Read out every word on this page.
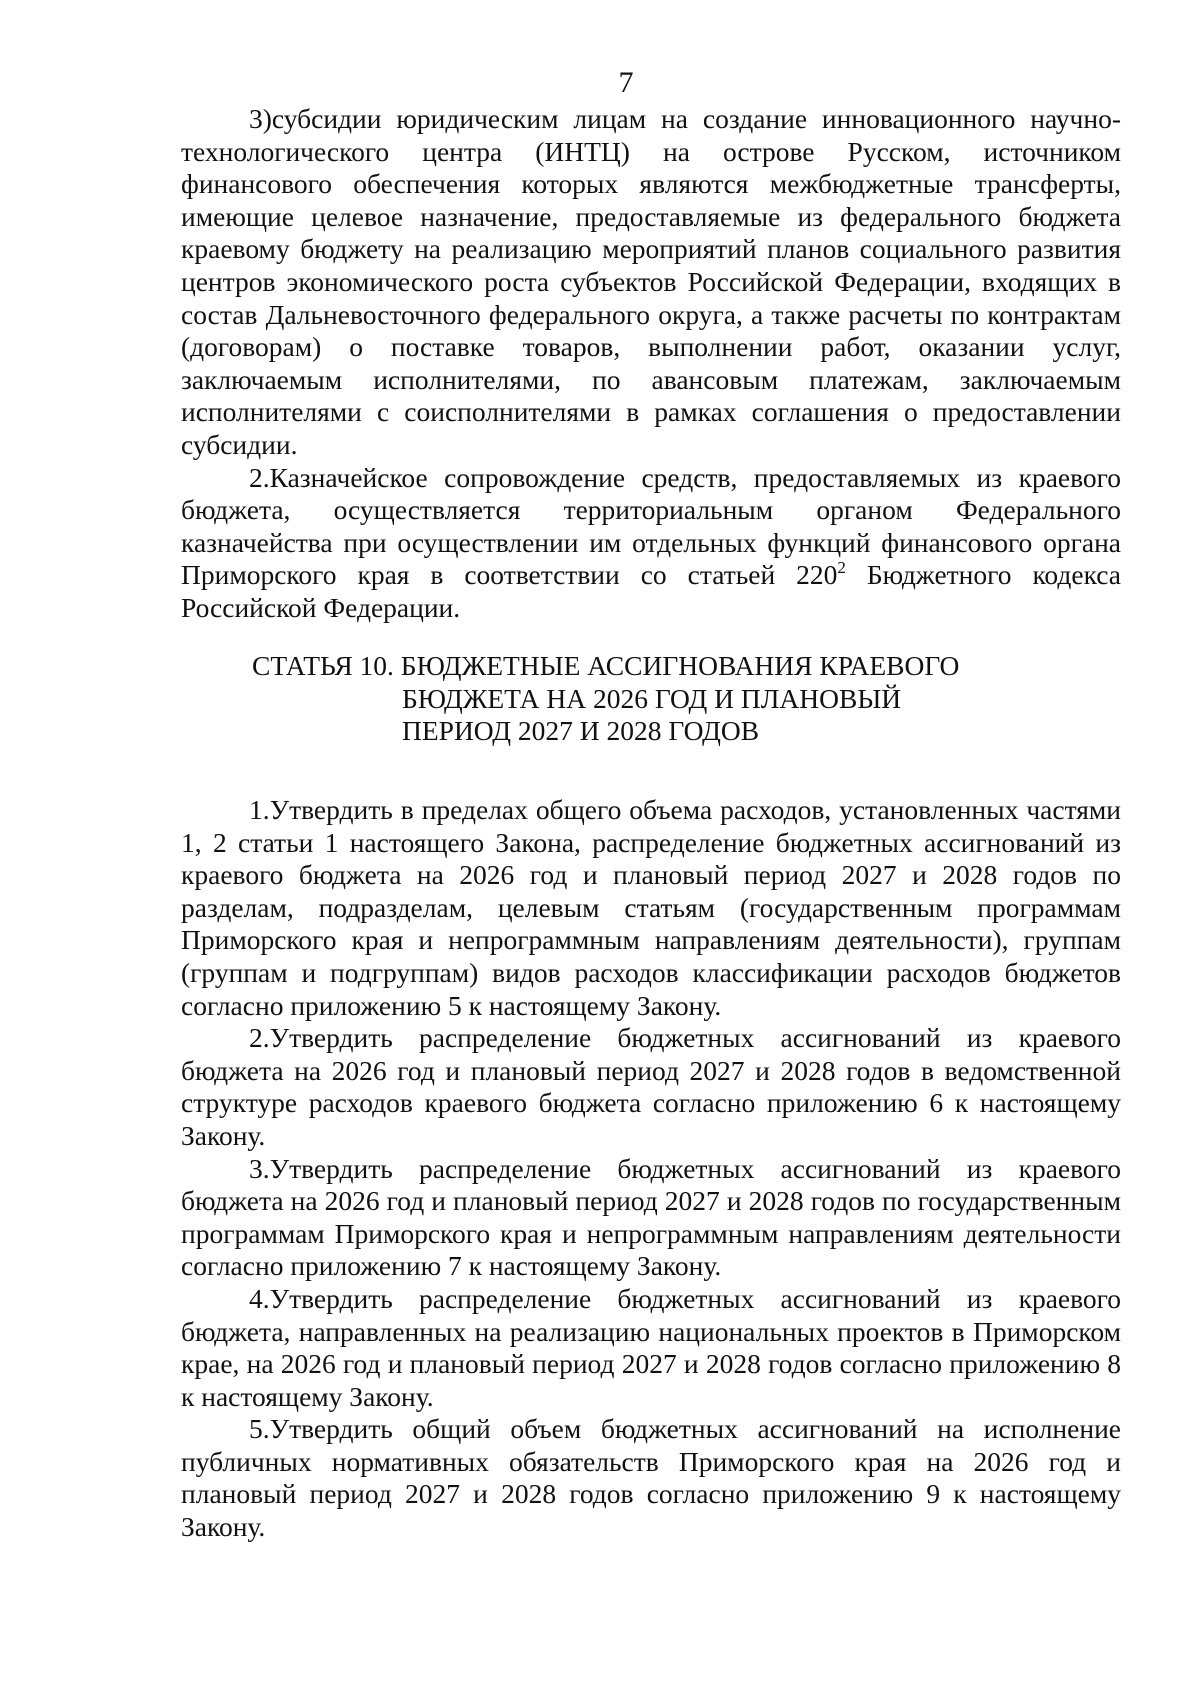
7

3)субсидии юридическим лицам на создание инновационного научно-технологического центра (ИНТЦ) на острове Русском, источником финансового обеспечения которых являются межбюджетные трансферты, имеющие целевое назначение, предоставляемые из федерального бюджета краевому бюджету на реализацию мероприятий планов социального развития центров экономического роста субъектов Российской Федерации, входящих в состав Дальневосточного федерального округа, а также расчеты по контрактам (договорам) о поставке товаров, выполнении работ, оказании услуг, заключаемым исполнителями, по авансовым платежам, заключаемым исполнителями с соисполнителями в рамках соглашения о предоставлении субсидии.

2.Казначейское сопровождение средств, предоставляемых из краевого бюджета, осуществляется территориальным органом Федерального казначейства при осуществлении им отдельных функций финансового органа Приморского края в соответствии со статьей $220^2$ Бюджетного кодекса Российской Федерации.

СТАТЬЯ 10. БЮДЖЕТНЫЕ АССИГНОВАНИЯ КРАЕВОГО
БЮДЖЕТА НА 2026 ГОД И ПЛАНОВЫЙ
ПЕРИОД 2027 И 2028 ГОДОВ

1.Утвердить в пределах общего объема расходов, установленных частями 1, 2 статьи 1 настоящего Закона, распределение бюджетных ассигнований из краевого бюджета на 2026 год и плановый период 2027 и 2028 годов по разделам, подразделам, целевым статьям (государственным программам Приморского края и непрограммным направлениям деятельности), группам (группам и подгруппам) видов расходов классификации расходов бюджетов согласно приложению 5 к настоящему Закону.

2.Утвердить распределение бюджетных ассигнований из краевого бюджета на 2026 год и плановый период 2027 и 2028 годов в ведомственной структуре расходов краевого бюджета согласно приложению 6 к настоящему Закону.

3.Утвердить распределение бюджетных ассигнований из краевого бюджета на 2026 год и плановый период 2027 и 2028 годов по государственным программам Приморского края и непрограммным направлениям деятельности согласно приложению 7 к настоящему Закону.

4.Утвердить распределение бюджетных ассигнований из краевого бюджета, направленных на реализацию национальных проектов в Приморском крае, на 2026 год и плановый период 2027 и 2028 годов согласно приложению 8 к настоящему Закону.

5.Утвердить общий объем бюджетных ассигнований на исполнение публичных нормативных обязательств Приморского края на 2026 год и плановый период 2027 и 2028 годов согласно приложению 9 к настоящему Закону.
